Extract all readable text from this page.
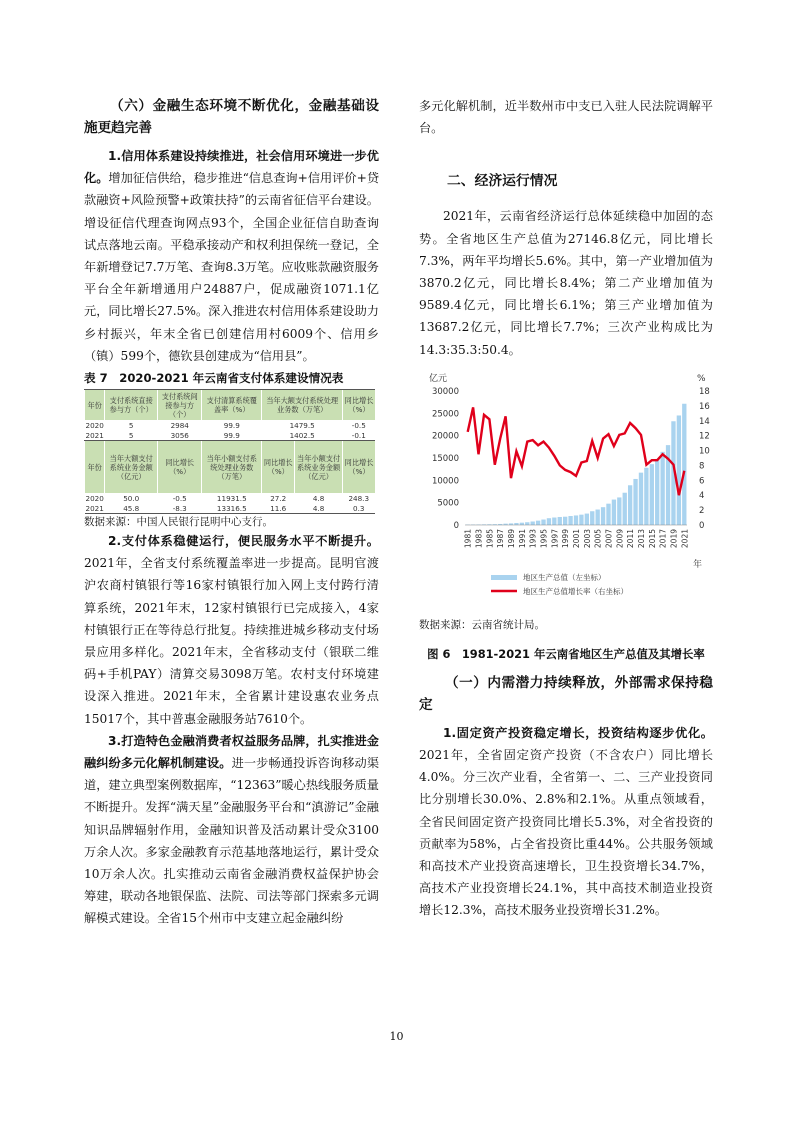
（六）金融生态环境不断优化，金融基础设施更趋完善

1.信用体系建设持续推进，社会信用环境进一步优化。增加征信供给，稳步推进“信息查询+信用评价+贷款融资+风险预警+政策扶持”的云南省征信平台建设。增设征信代理查询网点93个，全国企业征信自助查询试点落地云南。平稳承接动产和权利担保统一登记，全年新增登记7.7万笔、查询8.3万笔。应收账款融资服务平台全年新增通用户24887户，促成融资1071.1亿元，同比增长27.5%。深入推进农村信用体系建设助力乡村振兴，年末全省已创建信用村6009个、信用乡（镇）599个，德钦县创建成为“信用县”。

表 7　2020-2021 年云南省支付体系建设情况表
年份	支付系统直接参与方（个）	支付系统间接参与方（个）	支付清算系统覆盖率（%）	当年大额支付系统处理业务数（万笔）		同比增长（%）
2020	5	2984	99.9	1479.5		-0.5
2021	5	3056	99.9	1402.5		-0.1
年份	当年大额支付系统业务金额（亿元）	同比增长（%）	当年小额支付系统处理业务数（万笔）	同比增长（%）	当年小额支付系统业务金额（亿元）	同比增长（%）
2020	50.0	-0.5	11931.5	27.2	4.8	248.3
2021	45.8	-8.3	13316.5	11.6	4.8	0.3
数据来源：中国人民银行昆明中心支行。

2.支付体系稳健运行，便民服务水平不断提升。2021年，全省支付系统覆盖率进一步提高。昆明官渡沪农商村镇银行等16家村镇银行加入网上支付跨行清算系统，2021年末，12家村镇银行已完成接入，4家村镇银行正在等待总行批复。持续推进城乡移动支付场景应用多样化。2021年末，全省移动支付（银联二维码+手机PAY）清算交易3098万笔。农村支付环境建设深入推进。2021年末，全省累计建设惠农业务点15017个，其中普惠金融服务站7610个。

3.打造特色金融消费者权益服务品牌，扎实推进金融纠纷多元化解机制建设。进一步畅通投诉咨询移动渠道，建立典型案例数据库，“12363”暖心热线服务质量不断提升。发挥“满天星”金融服务平台和“滇游记”金融知识品牌辐射作用，金融知识普及活动累计受众3100万余人次。多家金融教育示范基地落地运行，累计受众10万余人次。扎实推动云南省金融消费权益保护协会筹建，联动各地银保监、法院、司法等部门探索多元调解模式建设。全省15个州市中支建立起金融纠纷

多元化解机制，近半数州市中支已入驻人民法院调解平台。

二、经济运行情况

2021年，云南省经济运行总体延续稳中加固的态势。全省地区生产总值为27146.8亿元，同比增长7.3%，两年平均增长5.6%。其中，第一产业增加值为3870.2亿元，同比增长8.4%；第二产业增加值为9589.4亿元，同比增长6.1%；第三产业增加值为13687.2亿元，同比增长7.7%；三次产业构成比为14.3:35.3:50.4。

亿元	%
30000
25000
20000
15000
10000
5000
0
18
16
14
12
10
8
6
4
2
0
1981 1983 1985 1987 1989 1991 1993 1995 1997 1999 2001 2003 2005 2007 2009 2011 2013 2015 2017 2019 2021
年
地区生产总值（左坐标）
地区生产总值增长率（右坐标）
数据来源：云南省统计局。
图 6　1981-2021 年云南省地区生产总值及其增长率
（一）内需潜力持续释放，外部需求保持稳定

1.固定资产投资稳定增长，投资结构逐步优化。2021年，全省固定资产投资（不含农户）同比增长4.0%。分三次产业看，全省第一、二、三产业投资同比分别增长30.0%、2.8%和2.1%。从重点领域看，全省民间固定资产投资同比增长5.3%，对全省投资的贡献率为58%，占全省投资比重44%。公共服务领域和高技术产业投资高速增长，卫生投资增长34.7%，高技术产业投资增长24.1%，其中高技术制造业投资增长12.3%，高技术服务业投资增长31.2%。

10
